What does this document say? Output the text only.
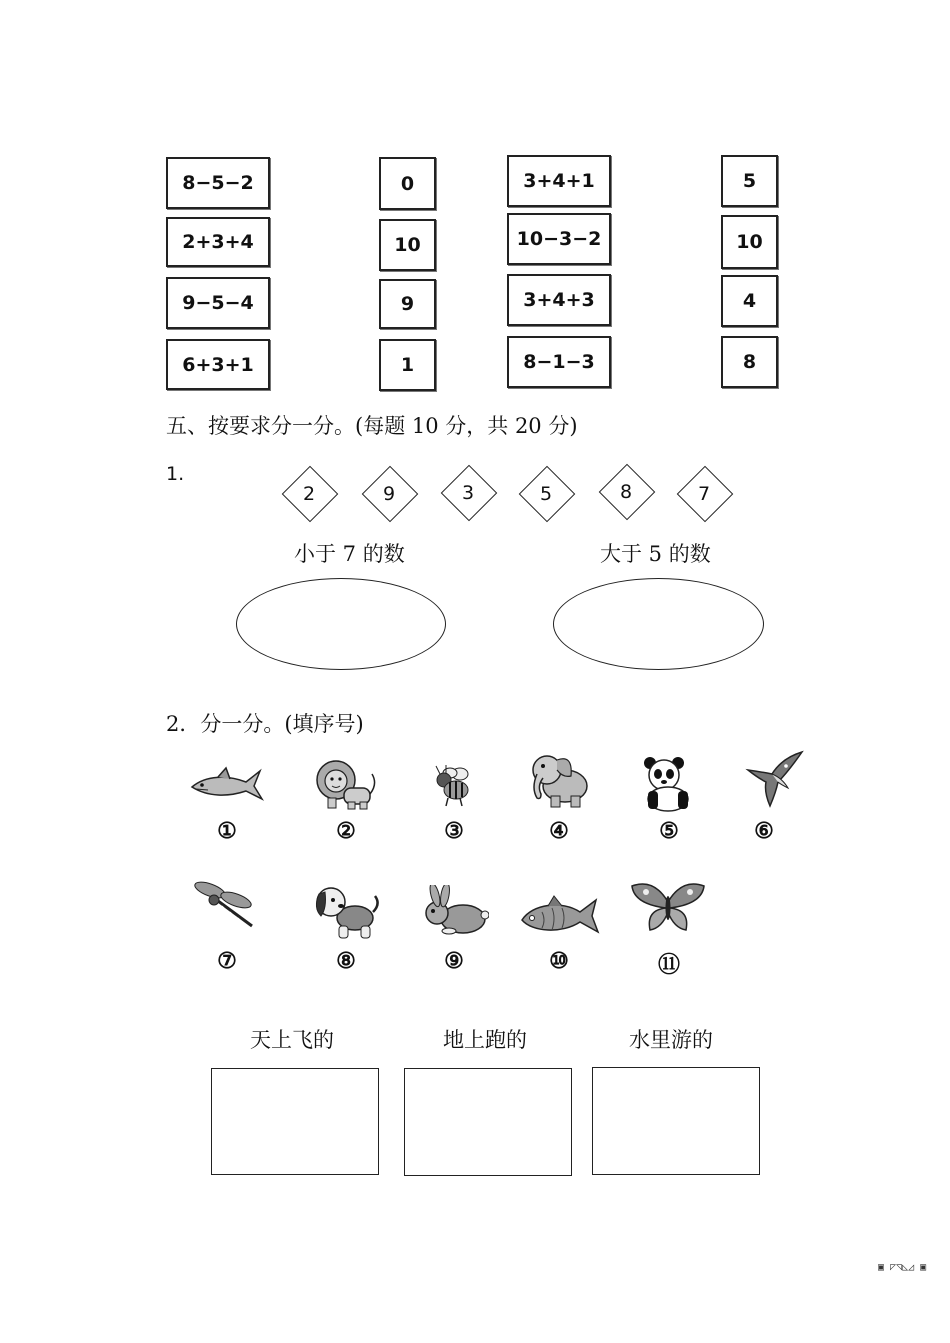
8−5−2
2+3+4
9−5−4
6+3+1
0
10
9
1
3+4+1
10−3−2
3+4+3
8−1−3
5
10
4
8
五、按要求分一分。(每题 10 分，共 20 分)
1.
2	9	3	5	8	7
小于 7 的数	大于 5 的数
2．分一分。(填序号)
①	②	③	④	⑤	⑥
⑦	⑧	⑨	⑩	⑪
天上飞的	地上跑的	水里游的
▣ ◸◹◺◿ ▣
